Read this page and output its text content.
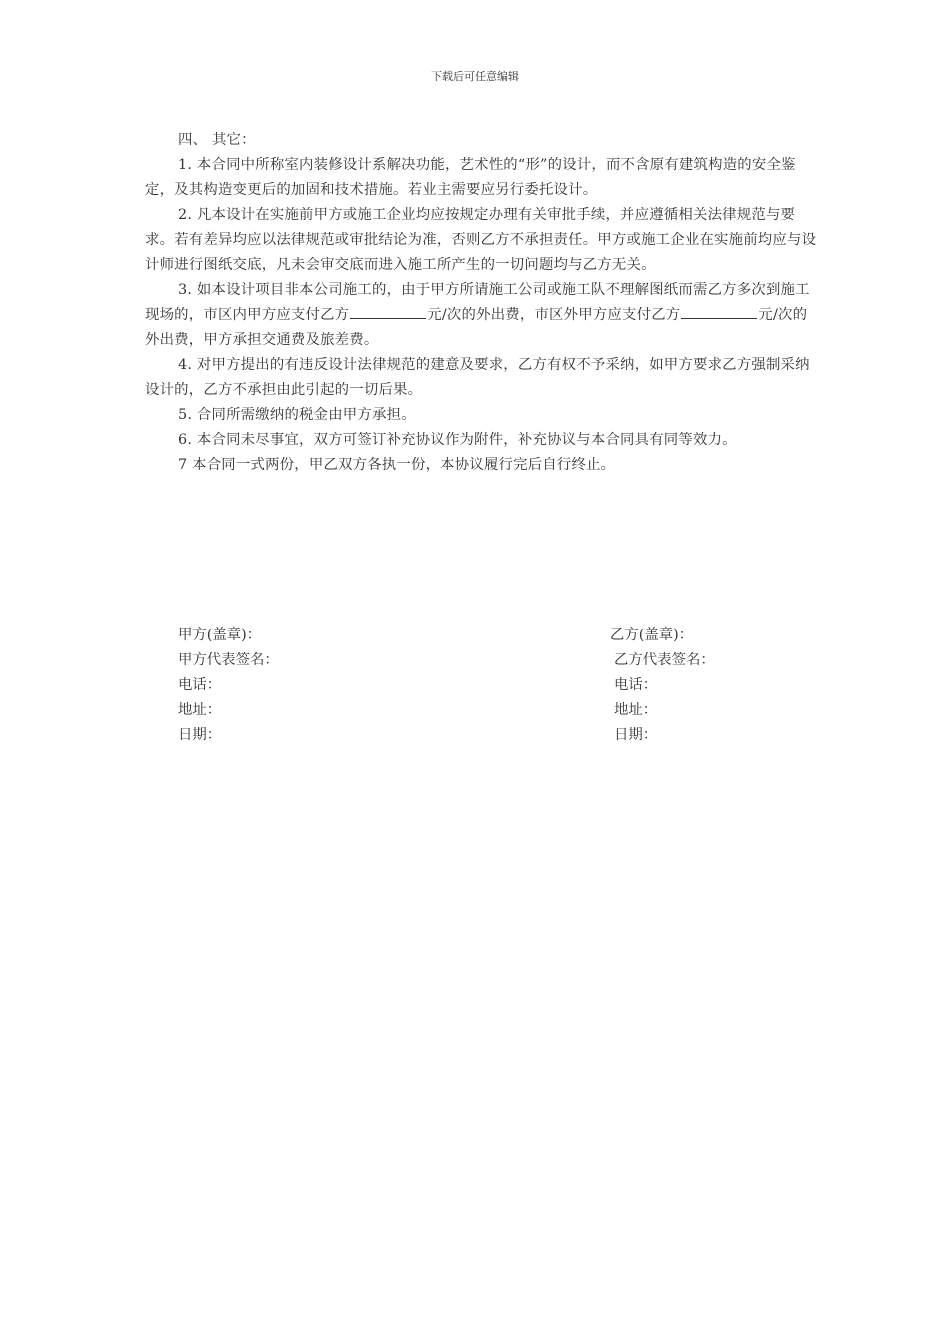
下载后可任意编辑

四、 其它：

1. 本合同中所称室内装修设计系解决功能，艺术性的“形”的设计，而不含原有建筑构造的安全鉴定，及其构造变更后的加固和技术措施。若业主需要应另行委托设计。

2. 凡本设计在实施前甲方或施工企业均应按规定办理有关审批手续，并应遵循相关法律规范与要求。若有差异均应以法律规范或审批结论为准，否则乙方不承担责任。甲方或施工企业在实施前均应与设计师进行图纸交底，凡未会审交底而进入施工所产生的一切问题均与乙方无关。

3. 如本设计项目非本公司施工的，由于甲方所请施工公司或施工队不理解图纸而需乙方多次到施工现场的，市区内甲方应支付乙方	元/次的外出费，市区外甲方应支付乙方	元/次的外出费，甲方承担交通费及旅差费。

4. 对甲方提出的有违反设计法律规范的建意及要求，乙方有权不予采纳，如甲方要求乙方强制采纳设计的，乙方不承担由此引起的一切后果。

5. 合同所需缴纳的税金由甲方承担。

6. 本合同未尽事宜，双方可签订补充协议作为附件，补充协议与本合同具有同等效力。

7 本合同一式两份，甲乙双方各执一份，本协议履行完后自行终止。

甲方(盖章)：
甲方代表签名：
电话：
地址：
日期：
乙方(盖章)：
乙方代表签名：
电话：
地址：
日期：
